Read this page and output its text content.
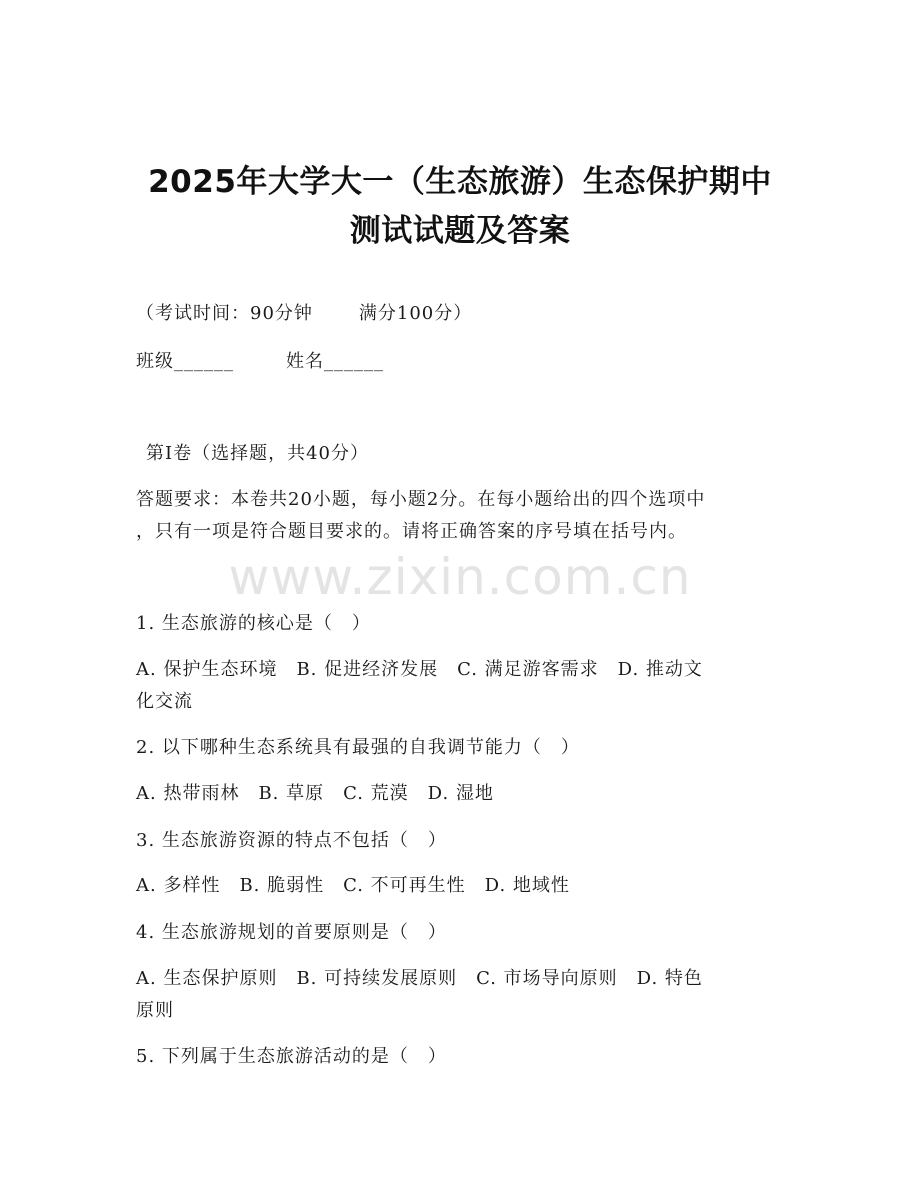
2025年大学大一（生态旅游）生态保护期中
测试试题及答案
（考试时间：90分钟	满分100分）
班级______	姓名______
第I卷（选择题，共40分）
答题要求：本卷共20小题，每小题2分。在每小题给出的四个选项中
，只有一项是符合题目要求的。请将正确答案的序号填在括号内。
www.zixin.com.cn
1. 生态旅游的核心是（　）
A. 保护生态环境　B. 促进经济发展　C. 满足游客需求　D. 推动文
化交流
2. 以下哪种生态系统具有最强的自我调节能力（　）
A. 热带雨林　B. 草原　C. 荒漠　D. 湿地
3. 生态旅游资源的特点不包括（　）
A. 多样性　B. 脆弱性　C. 不可再生性　D. 地域性
4. 生态旅游规划的首要原则是（　）
A. 生态保护原则　B. 可持续发展原则　C. 市场导向原则　D. 特色
原则
5. 下列属于生态旅游活动的是（　）
